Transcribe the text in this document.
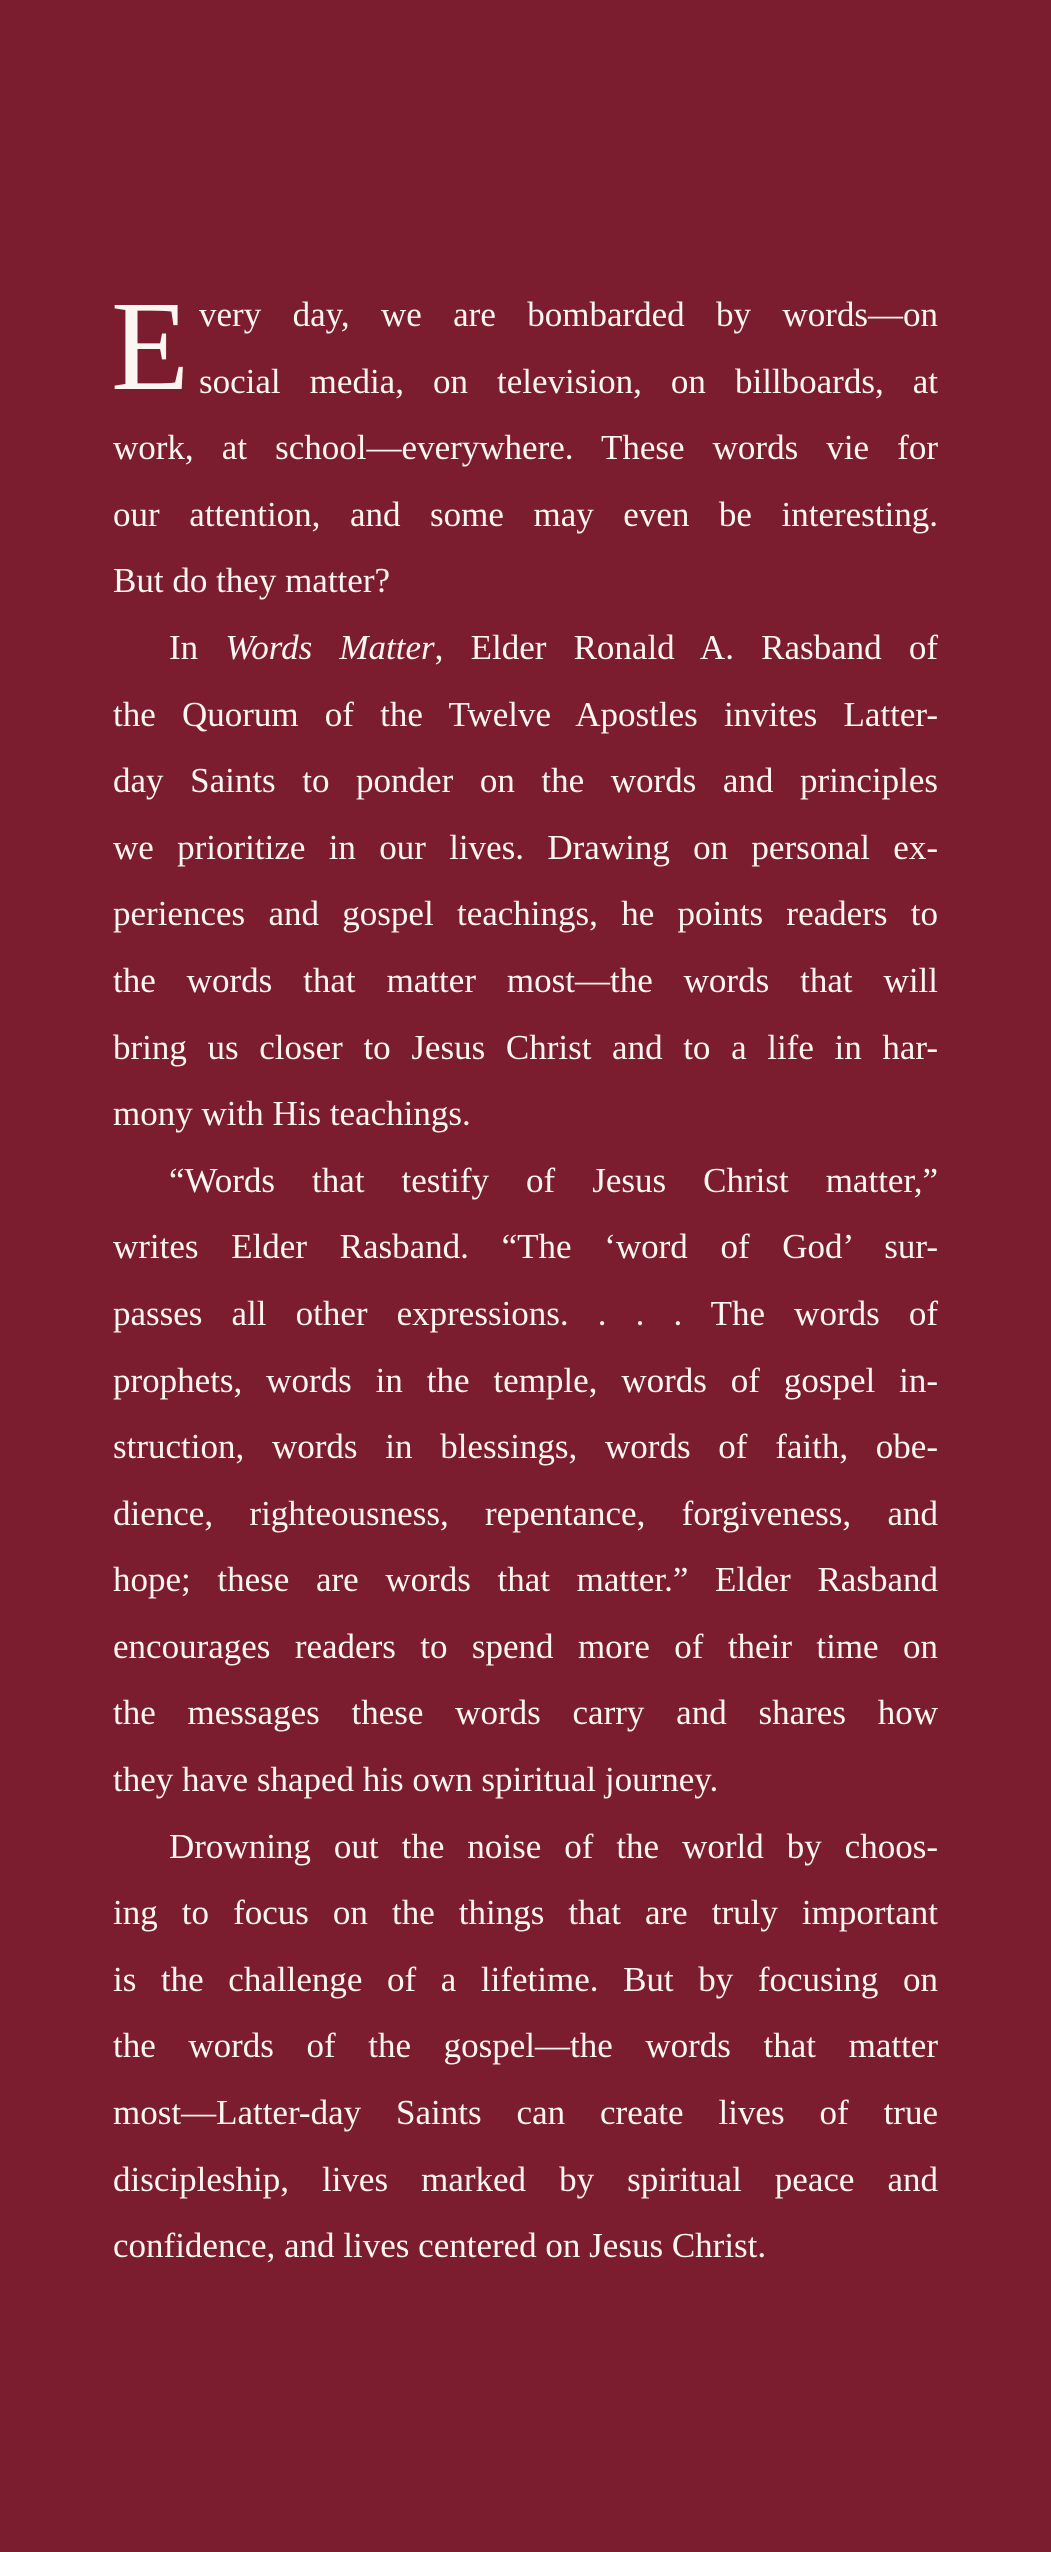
E very day, we are bombarded by words—on
social media, on television, on billboards, at
work, at school—everywhere. These words vie for
our attention, and some may even be interesting.
But do they matter?
In Words Matter, Elder Ronald A. Rasband of
the Quorum of the Twelve Apostles invites Latter-
day Saints to ponder on the words and principles
we prioritize in our lives. Drawing on personal ex-
periences and gospel teachings, he points readers to
the words that matter most—the words that will
bring us closer to Jesus Christ and to a life in har-
mony with His teachings.
“Words that testify of Jesus Christ matter,”
writes Elder Rasband. “The ‘word of God’ sur-
passes all other expressions. . . . The words of
prophets, words in the temple, words of gospel in-
struction, words in blessings, words of faith, obe-
dience, righteousness, repentance, forgiveness, and
hope; these are words that matter.” Elder Rasband
encourages readers to spend more of their time on
the messages these words carry and shares how
they have shaped his own spiritual journey.
Drowning out the noise of the world by choos-
ing to focus on the things that are truly important
is the challenge of a lifetime. But by focusing on
the words of the gospel—the words that matter
most—Latter-day Saints can create lives of true
discipleship, lives marked by spiritual peace and
confidence, and lives centered on Jesus Christ.
